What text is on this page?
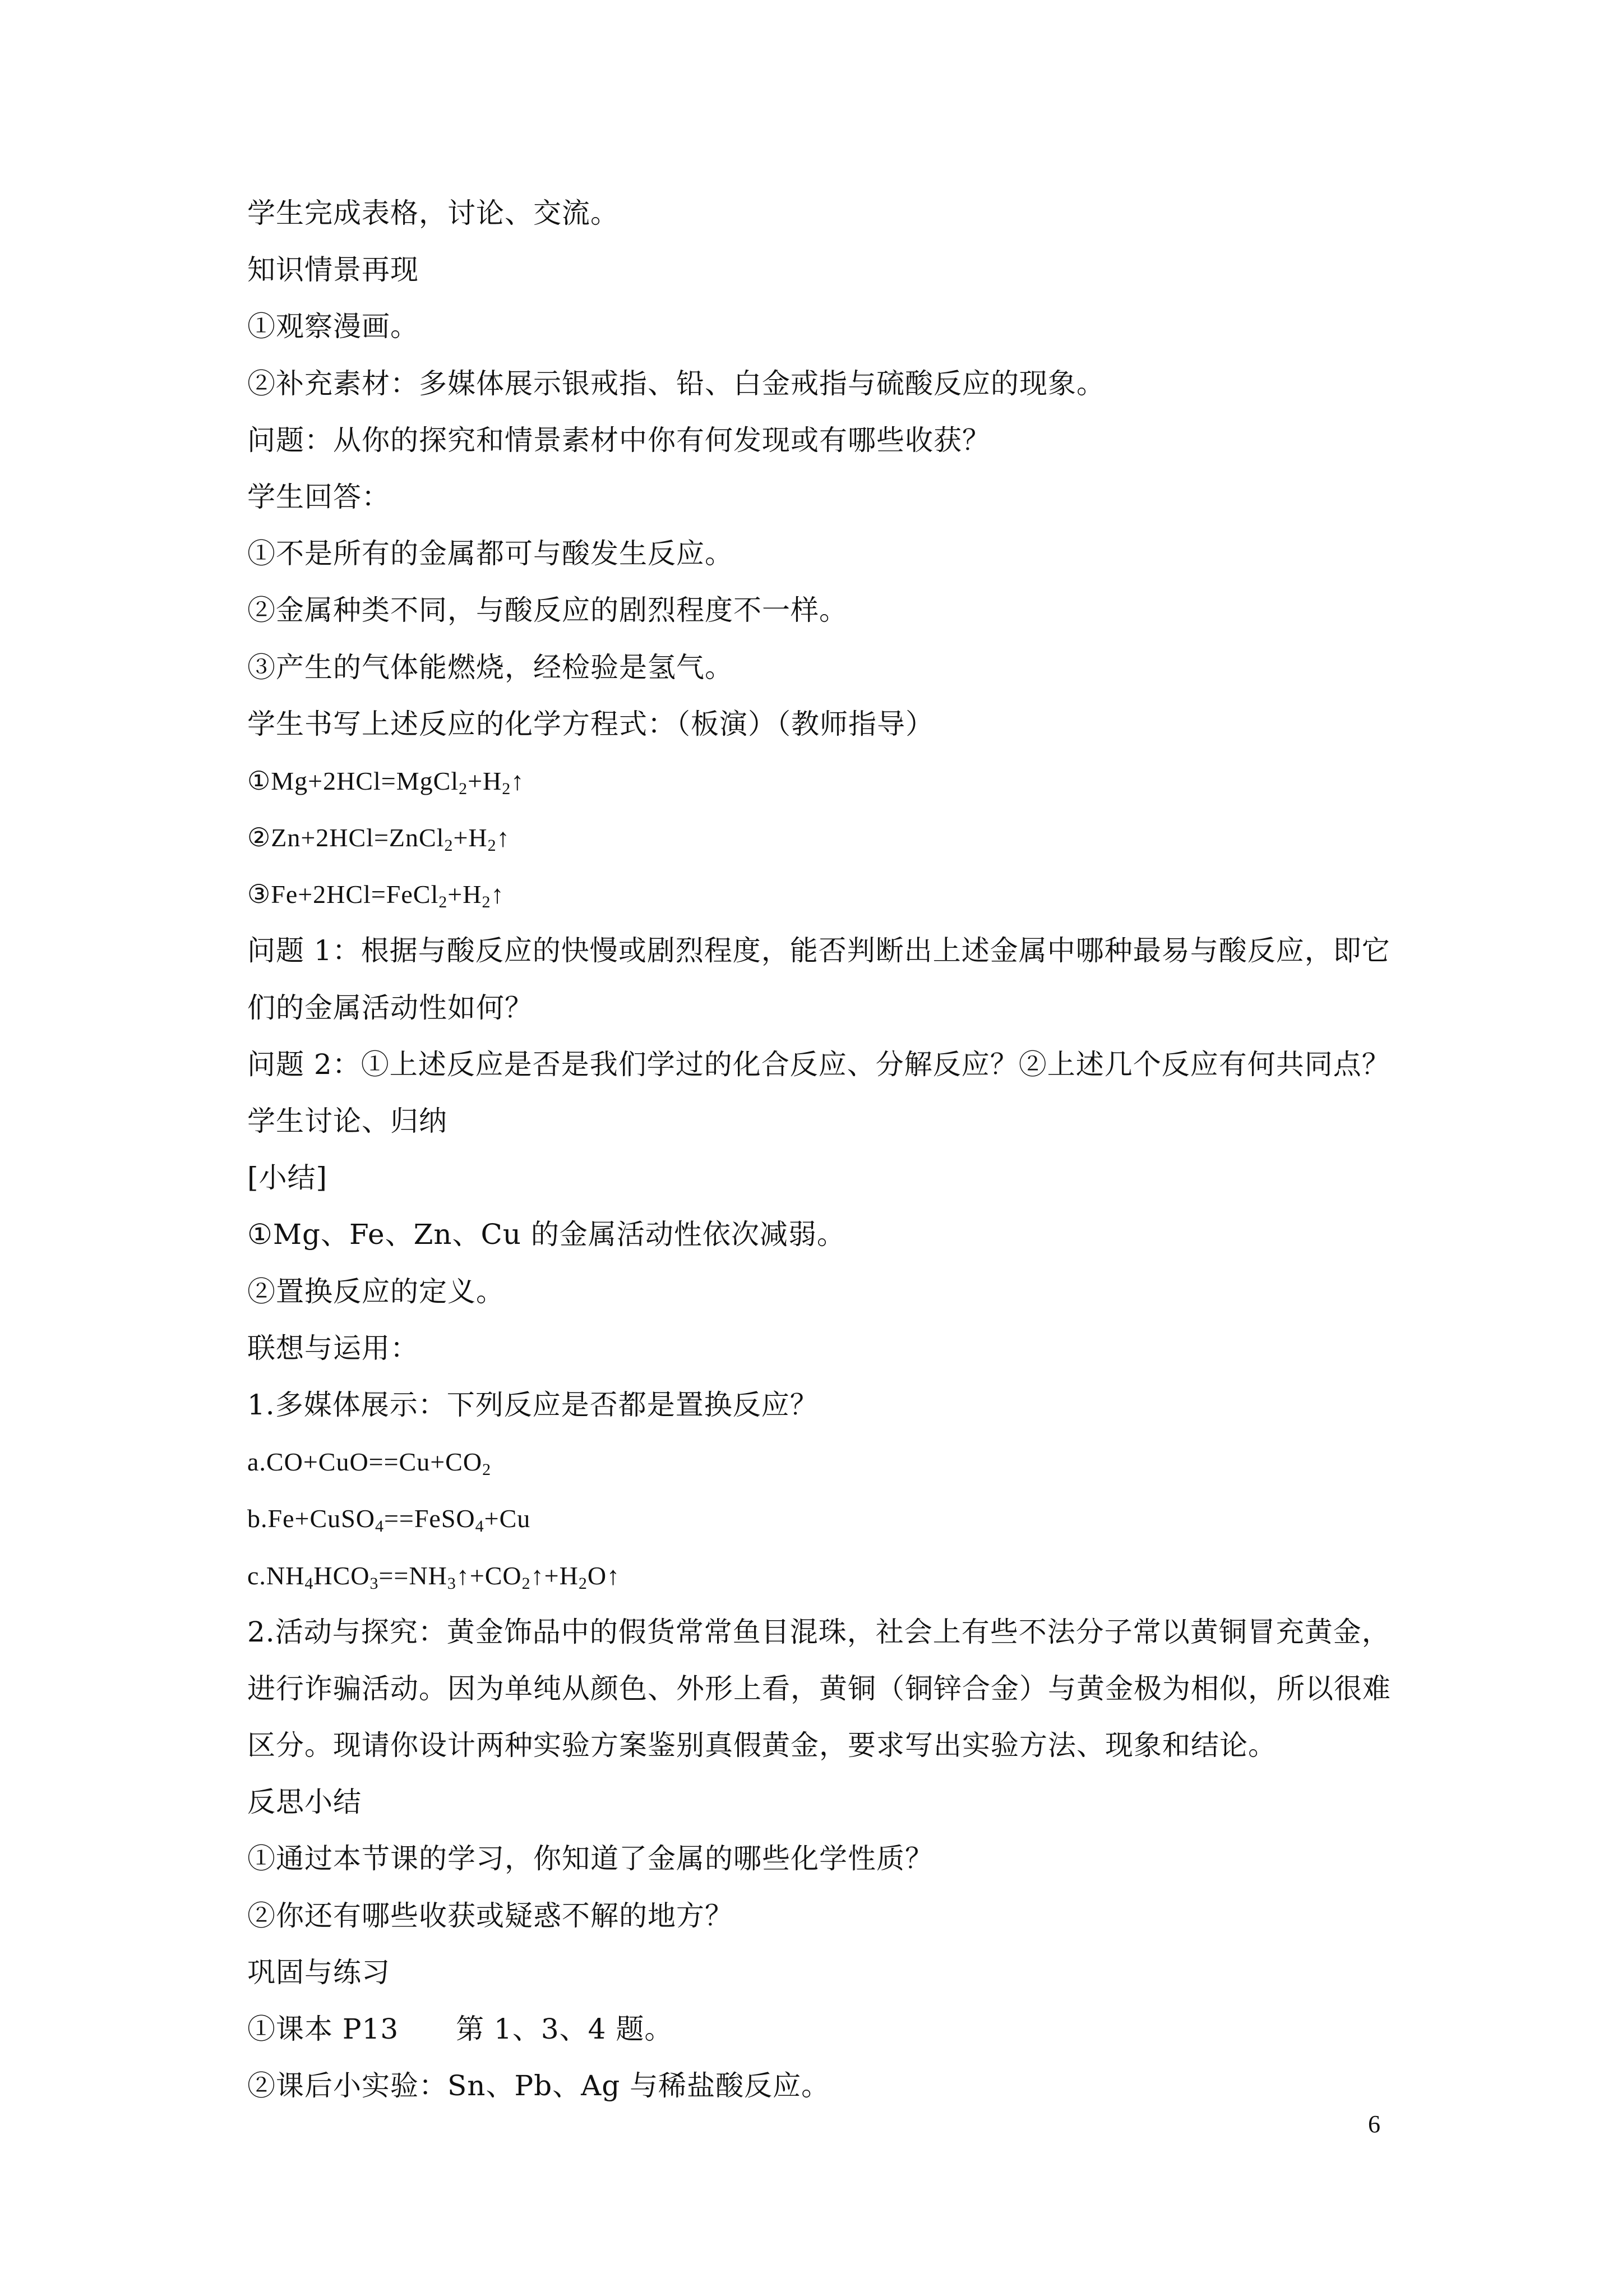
学生完成表格，讨论、交流。
知识情景再现
①观察漫画。
②补充素材：多媒体展示银戒指、铅、白金戒指与硫酸反应的现象。
问题：从你的探究和情景素材中你有何发现或有哪些收获？
学生回答：
①不是所有的金属都可与酸发生反应。
②金属种类不同，与酸反应的剧烈程度不一样。
③产生的气体能燃烧，经检验是氢气。
学生书写上述反应的化学方程式：（板演）（教师指导）
$①Mg+2HCl=MgCl_2+H_2↑$
$②Zn+2HCl=ZnCl_2+H_2↑$
$③Fe+2HCl=FeCl_2+H_2↑$
问题 1：根据与酸反应的快慢或剧烈程度，能否判断出上述金属中哪种最易与酸反应，即它
们的金属活动性如何？
问题 2：①上述反应是否是我们学过的化合反应、分解反应？②上述几个反应有何共同点？
学生讨论、归纳
[小结]
①Mg、Fe、Zn、Cu 的金属活动性依次减弱。
②置换反应的定义。
联想与运用：
1.多媒体展示：下列反应是否都是置换反应？
$a.CO+CuO==Cu+CO_2$
b.Fe+CuSO$_4$==FeSO$_4$+Cu
$c.NH_4HCO_3==NH_3↑+CO_2↑+H_2O↑$
2.活动与探究：黄金饰品中的假货常常鱼目混珠，社会上有些不法分子常以黄铜冒充黄金，
进行诈骗活动。因为单纯从颜色、外形上看，黄铜（铜锌合金）与黄金极为相似，所以很难
区分。现请你设计两种实验方案鉴别真假黄金，要求写出实验方法、现象和结论。
反思小结
①通过本节课的学习，你知道了金属的哪些化学性质？
②你还有哪些收获或疑惑不解的地方？
巩固与练习
①课本 P13　　第 1、3、4 题。
②课后小实验：Sn、Pb、Ag 与稀盐酸反应。
6
